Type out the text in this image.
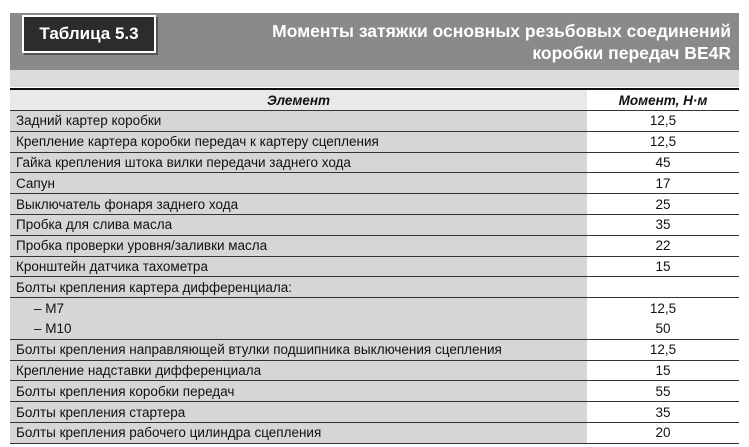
Таблица 5.3	Моменты затяжки основных резьбовых соединений
коробки передач BE4R
Элемент	Момент, Н·м
Задний картер коробки	12,5
Крепление картера коробки передач к картеру сцепления	12,5
Гайка крепления штока вилки передачи заднего хода	45
Сапун	17
Выключатель фонаря заднего хода	25
Пробка для слива масла	35
Пробка проверки уровня/заливки масла	22
Кронштейн датчика тахометра	15
Болты крепления картера дифференциала:
– М7	12,5
– М10	50
Болты крепления направляющей втулки подшипника выключения сцепления	12,5
Крепление надставки дифференциала	15
Болты крепления коробки передач	55
Болты крепления стартера	35
Болты крепления рабочего цилиндра сцепления	20
